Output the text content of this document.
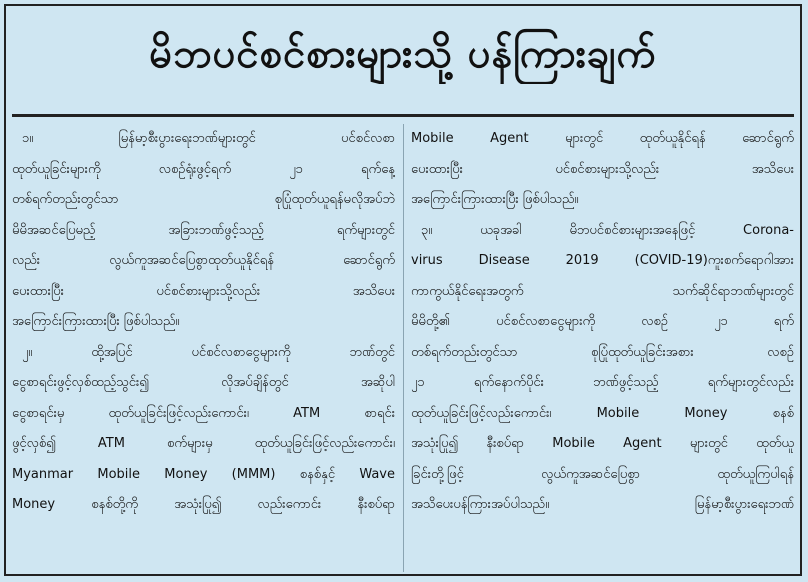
မိဘပင်စင်စားများသို့ ပန်ကြားချက်
၁။ မြန်မာ့စီးပွားရေးဘဏ်များတွင် ပင်စင်လစာ
ထုတ်ယူခြင်းများကို လစဉ်ရုံးဖွင့်ရက် ၂၁ ရက်နေ့
တစ်ရက်တည်းတွင်သာ စုပြုံထုတ်ယူရန်မလိုအပ်ဘဲ
မိမိအဆင်ပြေမည့် အခြားဘဏ်ဖွင့်သည့် ရက်များတွင်
လည်း လွယ်ကူအဆင်ပြေစွာထုတ်ယူနိုင်ရန် ဆောင်ရွက်
ပေးထားပြီး ပင်စင်စားများသို့လည်း အသိပေး
အကြောင်းကြားထားပြီး ဖြစ်ပါသည်။
၂။ ထို့အပြင် ပင်စင်လစာငွေများကို ဘဏ်တွင်
ငွေစာရင်းဖွင့်လှစ်ထည့်သွင်း၍ လိုအပ်ချိန်တွင် အဆိုပါ
ငွေစာရင်းမှ ထုတ်ယူခြင်းဖြင့်လည်းကောင်း၊ ATM စာရင်း
ဖွင့်လှစ်၍ ATM စက်များမှ ထုတ်ယူခြင်းဖြင့်လည်းကောင်း၊
Myanmar Mobile Money (MMM) စနစ်နှင့် Wave
Money စနစ်တို့ကို အသုံးပြု၍ လည်းကောင်း နီးစပ်ရာ
Mobile Agent များတွင် ထုတ်ယူနိုင်ရန် ဆောင်ရွက်
ပေးထားပြီး ပင်စင်စားများသို့လည်း အသိပေး
အကြောင်းကြားထားပြီး ဖြစ်ပါသည်။
၃။ ယခုအခါ မိဘပင်စင်စားများအနေဖြင့် Corona-
virus Disease 2019 (COVID-19)ကူးစက်ရောဂါအား
ကာကွယ်နိုင်ရေးအတွက် သက်ဆိုင်ရာဘဏ်များတွင်
မိမိတို့၏ ပင်စင်လစာငွေများကို လစဉ် ၂၁ ရက်
တစ်ရက်တည်းတွင်သာ စုပြုံထုတ်ယူခြင်းအစား လစဉ်
၂၁ ရက်နောက်ပိုင်း ဘဏ်ဖွင့်သည့် ရက်များတွင်လည်း
ထုတ်ယူခြင်းဖြင့်လည်းကောင်း၊ Mobile Money စနစ်
အသုံးပြု၍ နီးစပ်ရာ Mobile Agent များတွင် ထုတ်ယူ
ခြင်းတို့ဖြင့် လွယ်ကူအဆင်ပြေစွာ ထုတ်ယူကြပါရန်
အသိပေးပန်ကြားအပ်ပါသည်။ မြန်မာ့စီးပွားရေးဘဏ်
